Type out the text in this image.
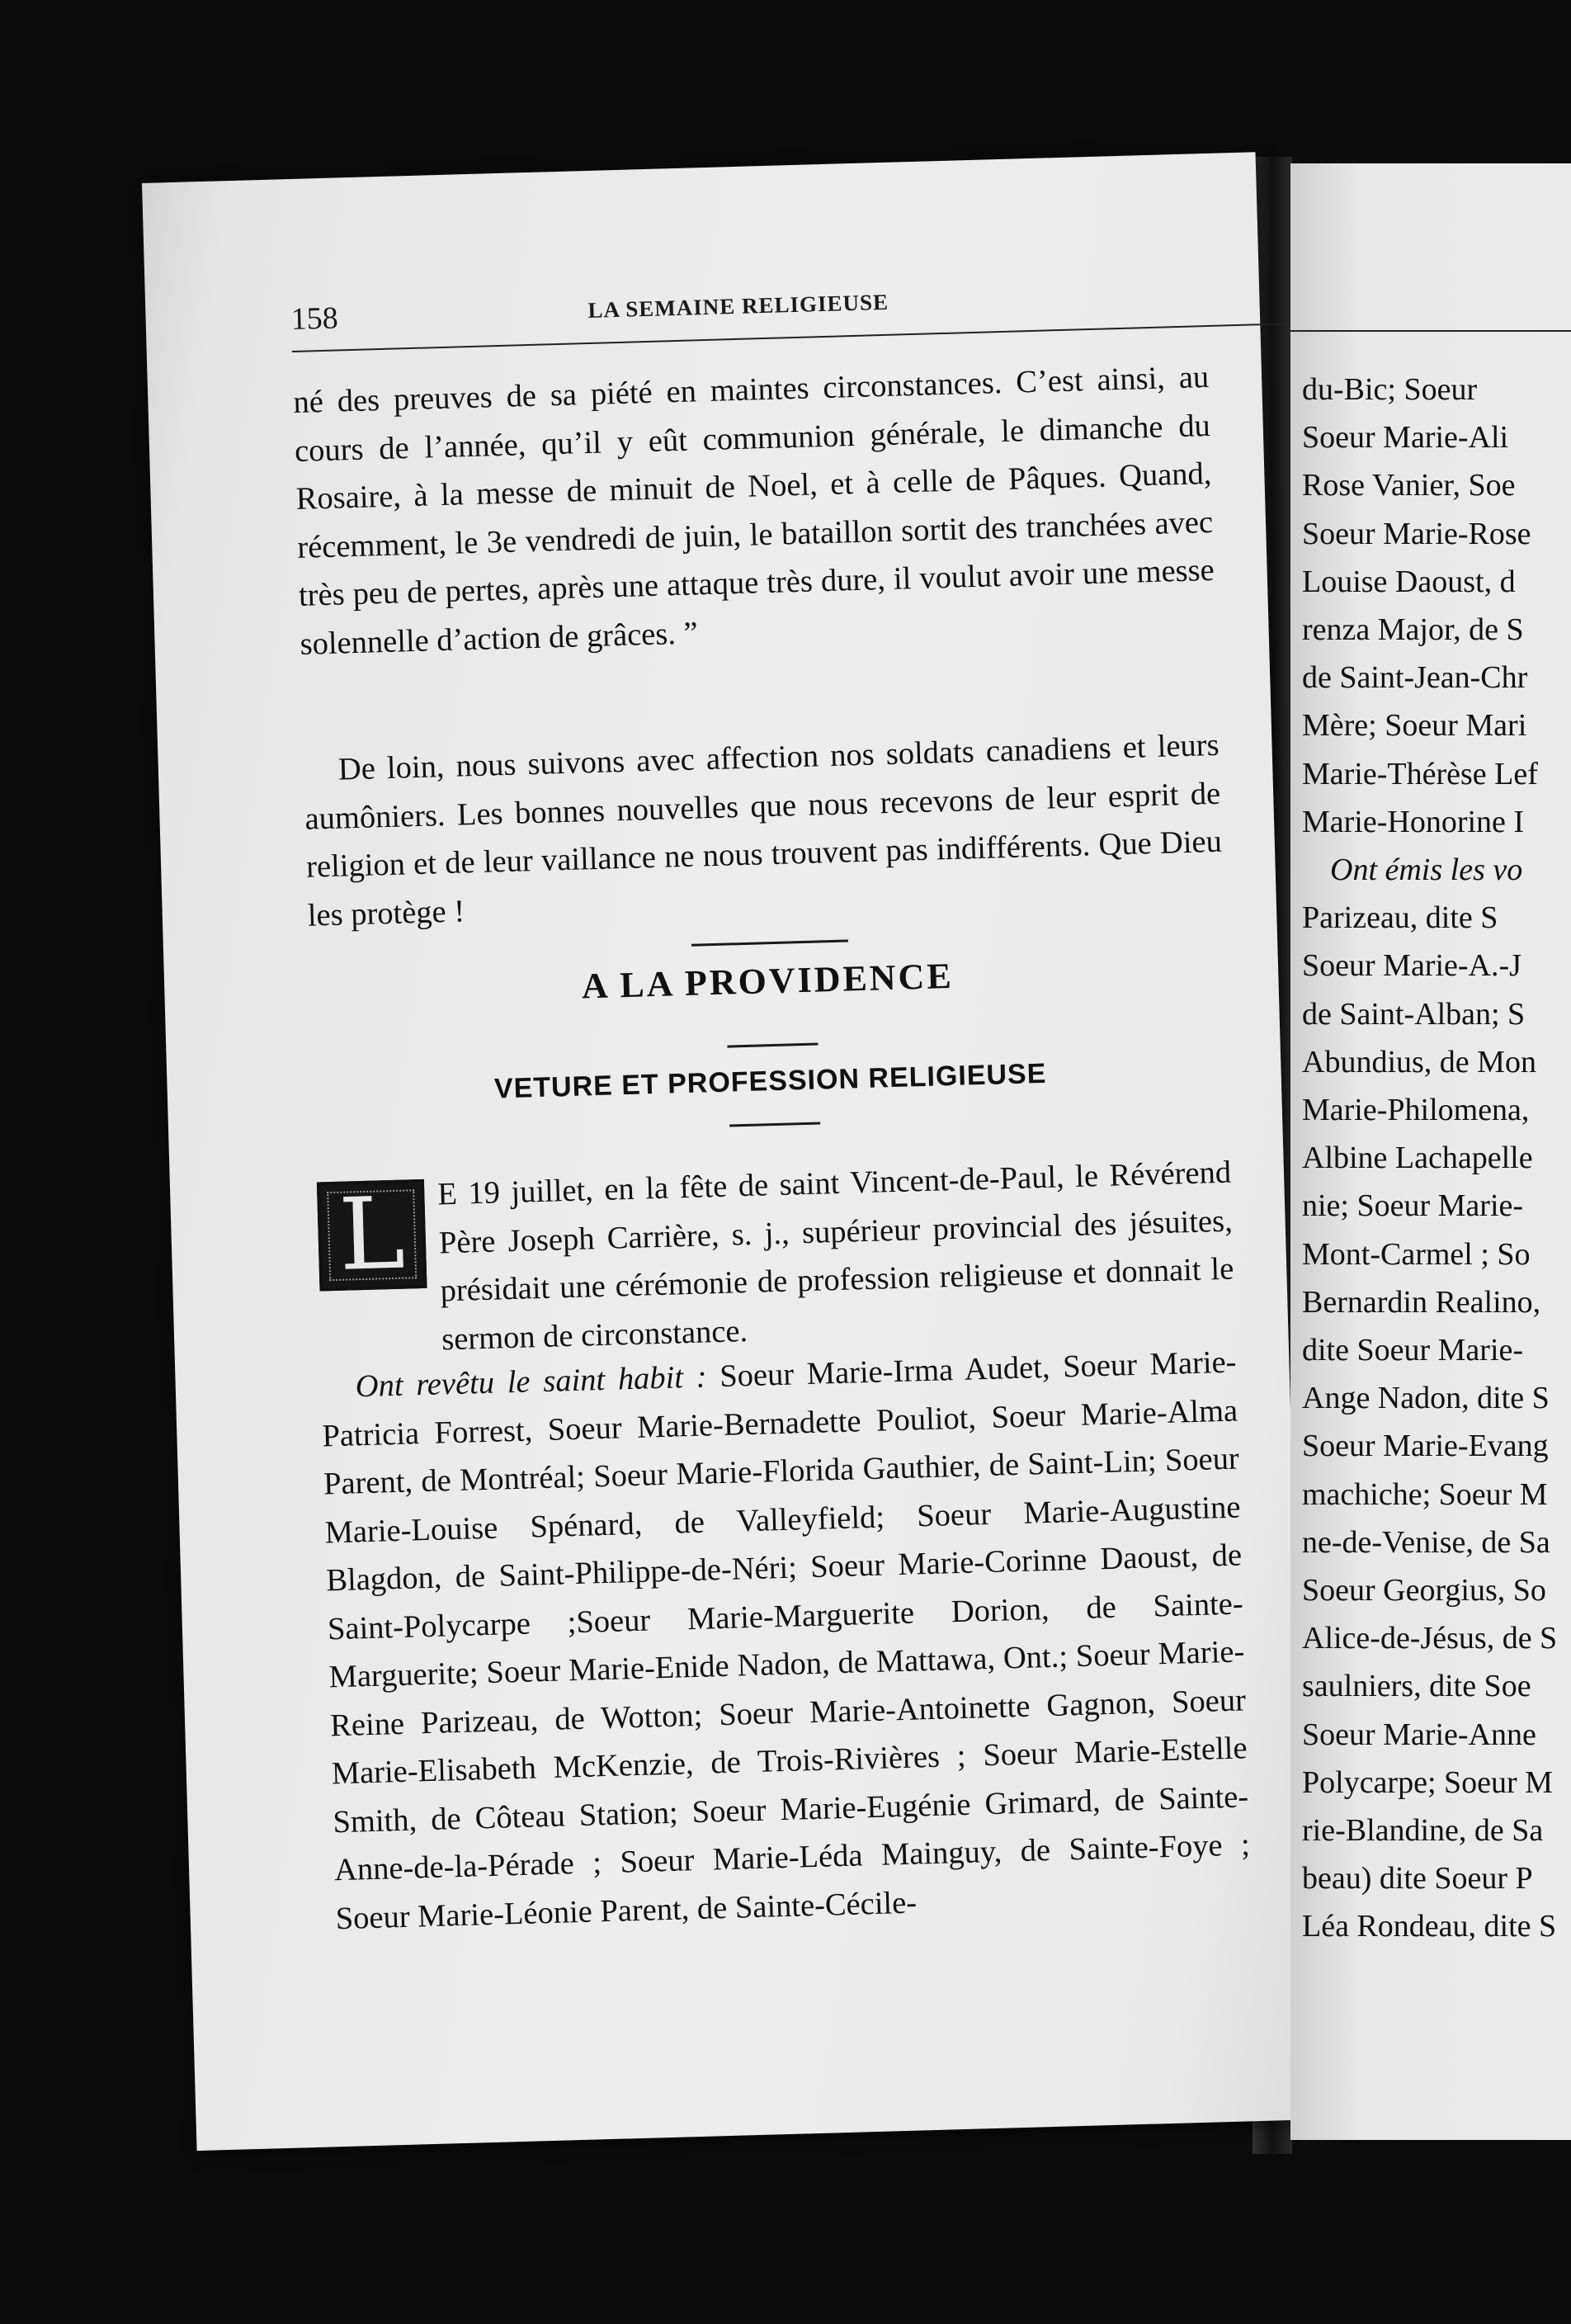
158	LA SEMAINE RELIGIEUSE
né des preuves de sa piété en maintes circonstances. C’est ainsi, au cours de l’année, qu’il y eût communion générale, le dimanche du Rosaire, à la messe de minuit de Noel, et à celle de Pâques. Quand, récemment, le 3e vendredi de juin, le bataillon sortit des tranchées avec très peu de pertes, après une attaque très dure, il voulut avoir une messe solennelle d’action de grâces. ”
De loin, nous suivons avec affection nos soldats canadiens et leurs aumôniers. Les bonnes nouvelles que nous recevons de leur esprit de religion et de leur vaillance ne nous trouvent pas indifférents. Que Dieu les protège !
A LA PROVIDENCE
VETURE ET PROFESSION RELIGIEUSE
L E 19 juillet, en la fête de saint Vincent-de-Paul, le Révérend Père Joseph Carrière, s. j., supérieur provincial des jésuites, présidait une cérémonie de profession religieuse et donnait le sermon de circonstance.
Ont revêtu le saint habit : Soeur Marie-Irma Audet, Soeur Marie-Patricia Forrest, Soeur Marie-Bernadette Pouliot, Soeur Marie-Alma Parent, de Montréal; Soeur Marie-Florida Gauthier, de Saint-Lin; Soeur Marie-Louise Spénard, de Valleyfield; Soeur Marie-Augustine Blagdon, de Saint-Philippe-de-Néri; Soeur Marie-Corinne Daoust, de Saint-Polycarpe ;Soeur Marie-Marguerite Dorion, de Sainte-Marguerite; Soeur Marie-Enide Nadon, de Mattawa, Ont.; Soeur Marie-Reine Parizeau, de Wotton; Soeur Marie-Antoinette Gagnon, Soeur Marie-Elisabeth McKenzie, de Trois-Rivières ; Soeur Marie-Estelle Smith, de Côteau Station; Soeur Marie-Eugénie Grimard, de Sainte-Anne-de-la-Pérade ; Soeur Marie-Léda Mainguy, de Sainte-Foye ; Soeur Marie-Léonie Parent, de Sainte-Cécile-
du-Bic; Soeur
Soeur Marie-Ali
Rose Vanier, Soe
Soeur Marie-Rose
Louise Daoust, d
renza Major, de S
de Saint-Jean-Chr
Mère; Soeur Mari
Marie-Thérèse Lef
Marie-Honorine I
Ont émis les vo
Parizeau, dite S
Soeur Marie-A.-J
de Saint-Alban; S
Abundius, de Mon
Marie-Philomena,
Albine Lachapelle
nie; Soeur Marie-
Mont-Carmel ; So
Bernardin Realino,
dite Soeur Marie-
Ange Nadon, dite S
Soeur Marie-Evang
machiche; Soeur M
ne-de-Venise, de Sa
Soeur Georgius, So
Alice-de-Jésus, de S
saulniers, dite Soe
Soeur Marie-Anne
Polycarpe; Soeur M
rie-Blandine, de Sa
beau) dite Soeur P
Léa Rondeau, dite S
